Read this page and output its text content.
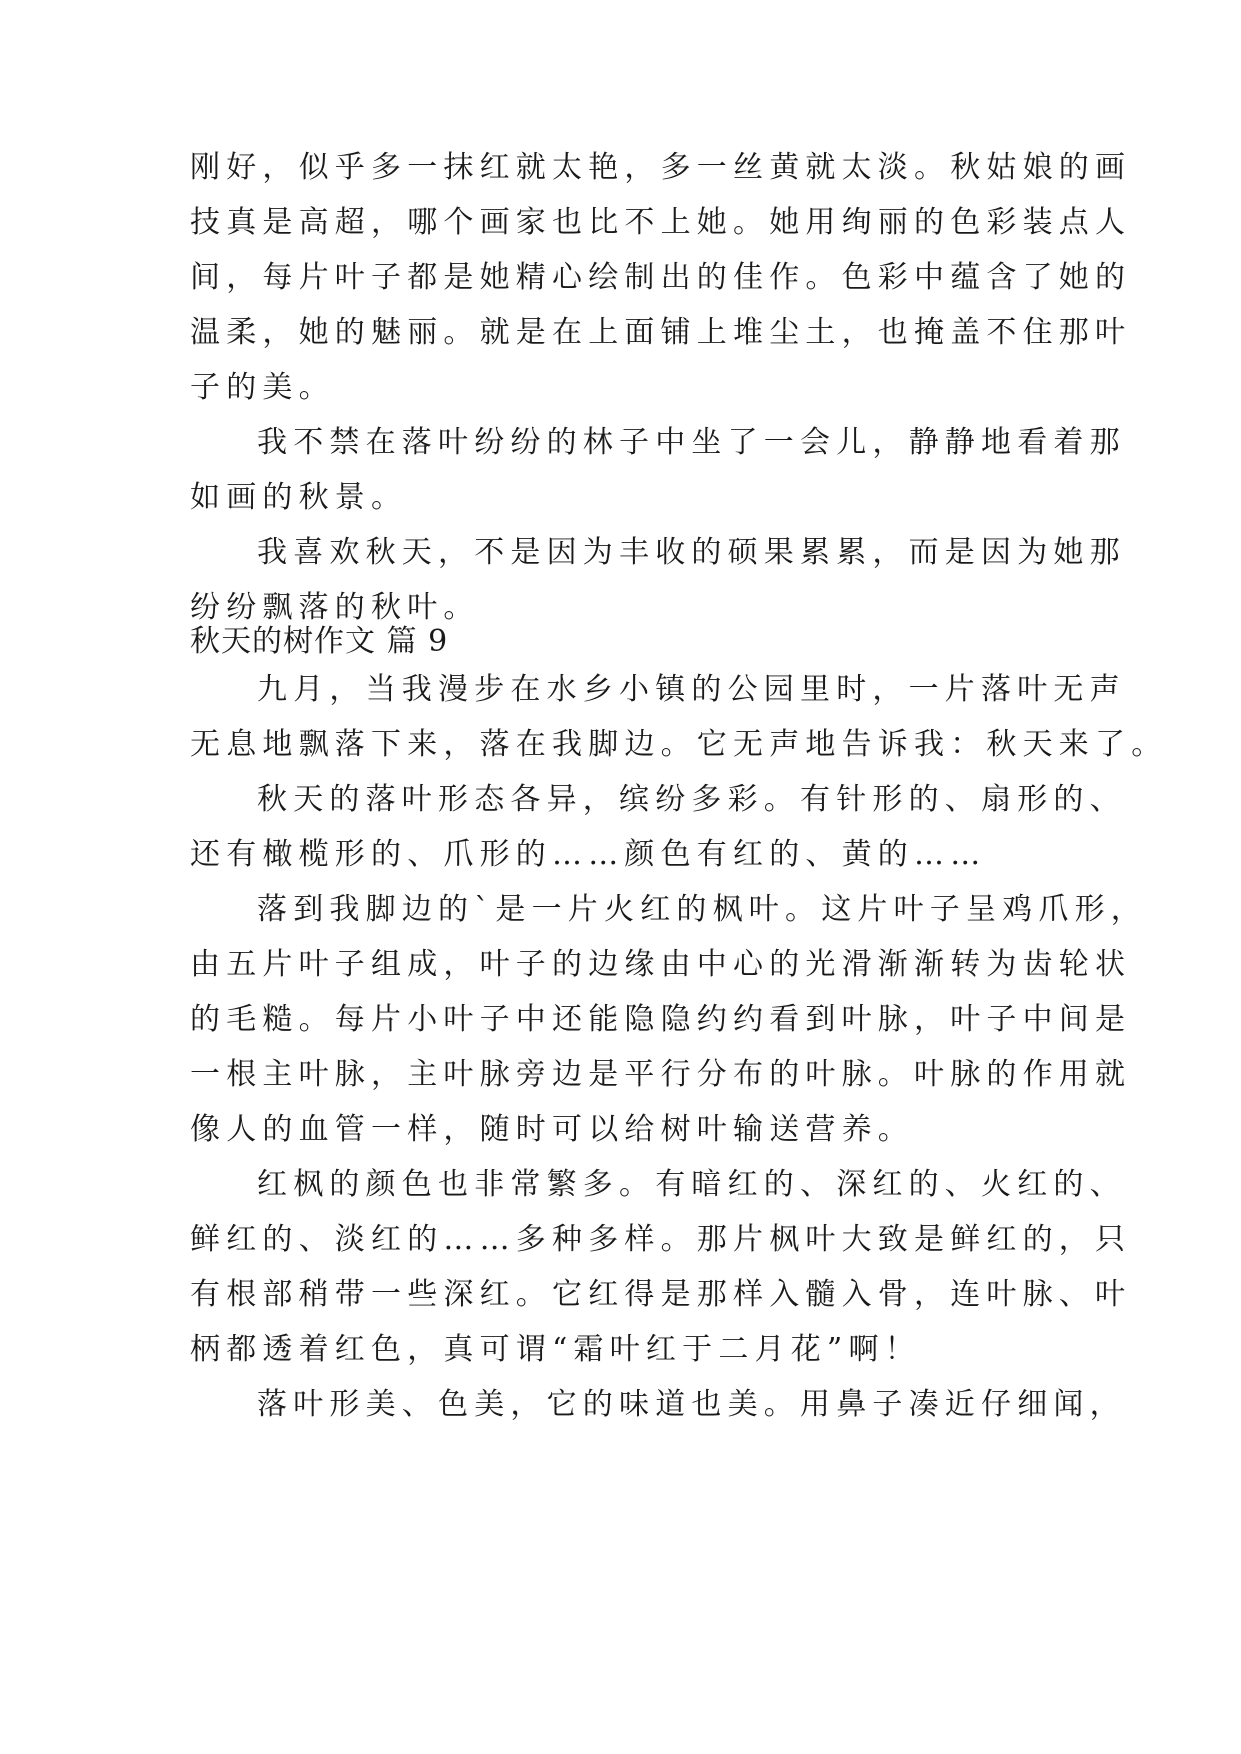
刚好，似乎多一抹红就太艳，多一丝黄就太淡。秋姑娘的画
技真是高超，哪个画家也比不上她。她用绚丽的色彩装点人
间，每片叶子都是她精心绘制出的佳作。色彩中蕴含了她的
温柔，她的魅丽。就是在上面铺上堆尘土，也掩盖不住那叶
子的美。
我不禁在落叶纷纷的林子中坐了一会儿，静静地看着那
如画的秋景。
我喜欢秋天，不是因为丰收的硕果累累，而是因为她那
纷纷飘落的秋叶。
秋天的树作文 篇 9
九月，当我漫步在水乡小镇的公园里时，一片落叶无声
无息地飘落下来，落在我脚边。它无声地告诉我：秋天来了。
秋天的落叶形态各异，缤纷多彩。有针形的、扇形的、
还有橄榄形的、爪形的……颜色有红的、黄的……
落到我脚边的`是一片火红的枫叶。这片叶子呈鸡爪形，
由五片叶子组成，叶子的边缘由中心的光滑渐渐转为齿轮状
的毛糙。每片小叶子中还能隐隐约约看到叶脉，叶子中间是
一根主叶脉，主叶脉旁边是平行分布的叶脉。叶脉的作用就
像人的血管一样，随时可以给树叶输送营养。
红枫的颜色也非常繁多。有暗红的、深红的、火红的、
鲜红的、淡红的……多种多样。那片枫叶大致是鲜红的，只
有根部稍带一些深红。它红得是那样入髓入骨，连叶脉、叶
柄都透着红色，真可谓“霜叶红于二月花”啊！
落叶形美、色美，它的味道也美。用鼻子凑近仔细闻，
